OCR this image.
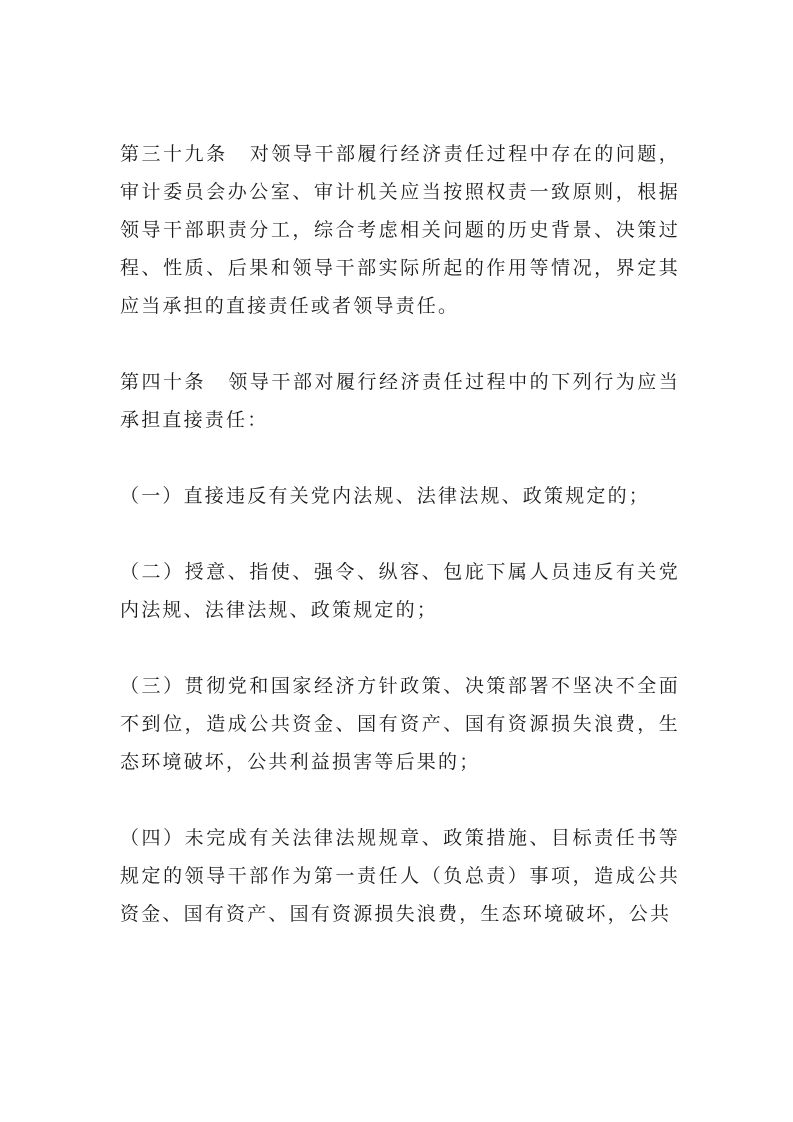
第三十九条 对领导干部履行经济责任过程中存在的问题，审计委员会办公室、审计机关应当按照权责一致原则，根据领导干部职责分工，综合考虑相关问题的历史背景、决策过程、性质、后果和领导干部实际所起的作用等情况，界定其应当承担的直接责任或者领导责任。

第四十条 领导干部对履行经济责任过程中的下列行为应当承担直接责任：

（一）直接违反有关党内法规、法律法规、政策规定的；

（二）授意、指使、强令、纵容、包庇下属人员违反有关党内法规、法律法规、政策规定的；

（三）贯彻党和国家经济方针政策、决策部署不坚决不全面不到位，造成公共资金、国有资产、国有资源损失浪费，生态环境破坏，公共利益损害等后果的；

（四）未完成有关法律法规规章、政策措施、目标责任书等规定的领导干部作为第一责任人（负总责）事项，造成公共资金、国有资产、国有资源损失浪费，生态环境破坏，公共
